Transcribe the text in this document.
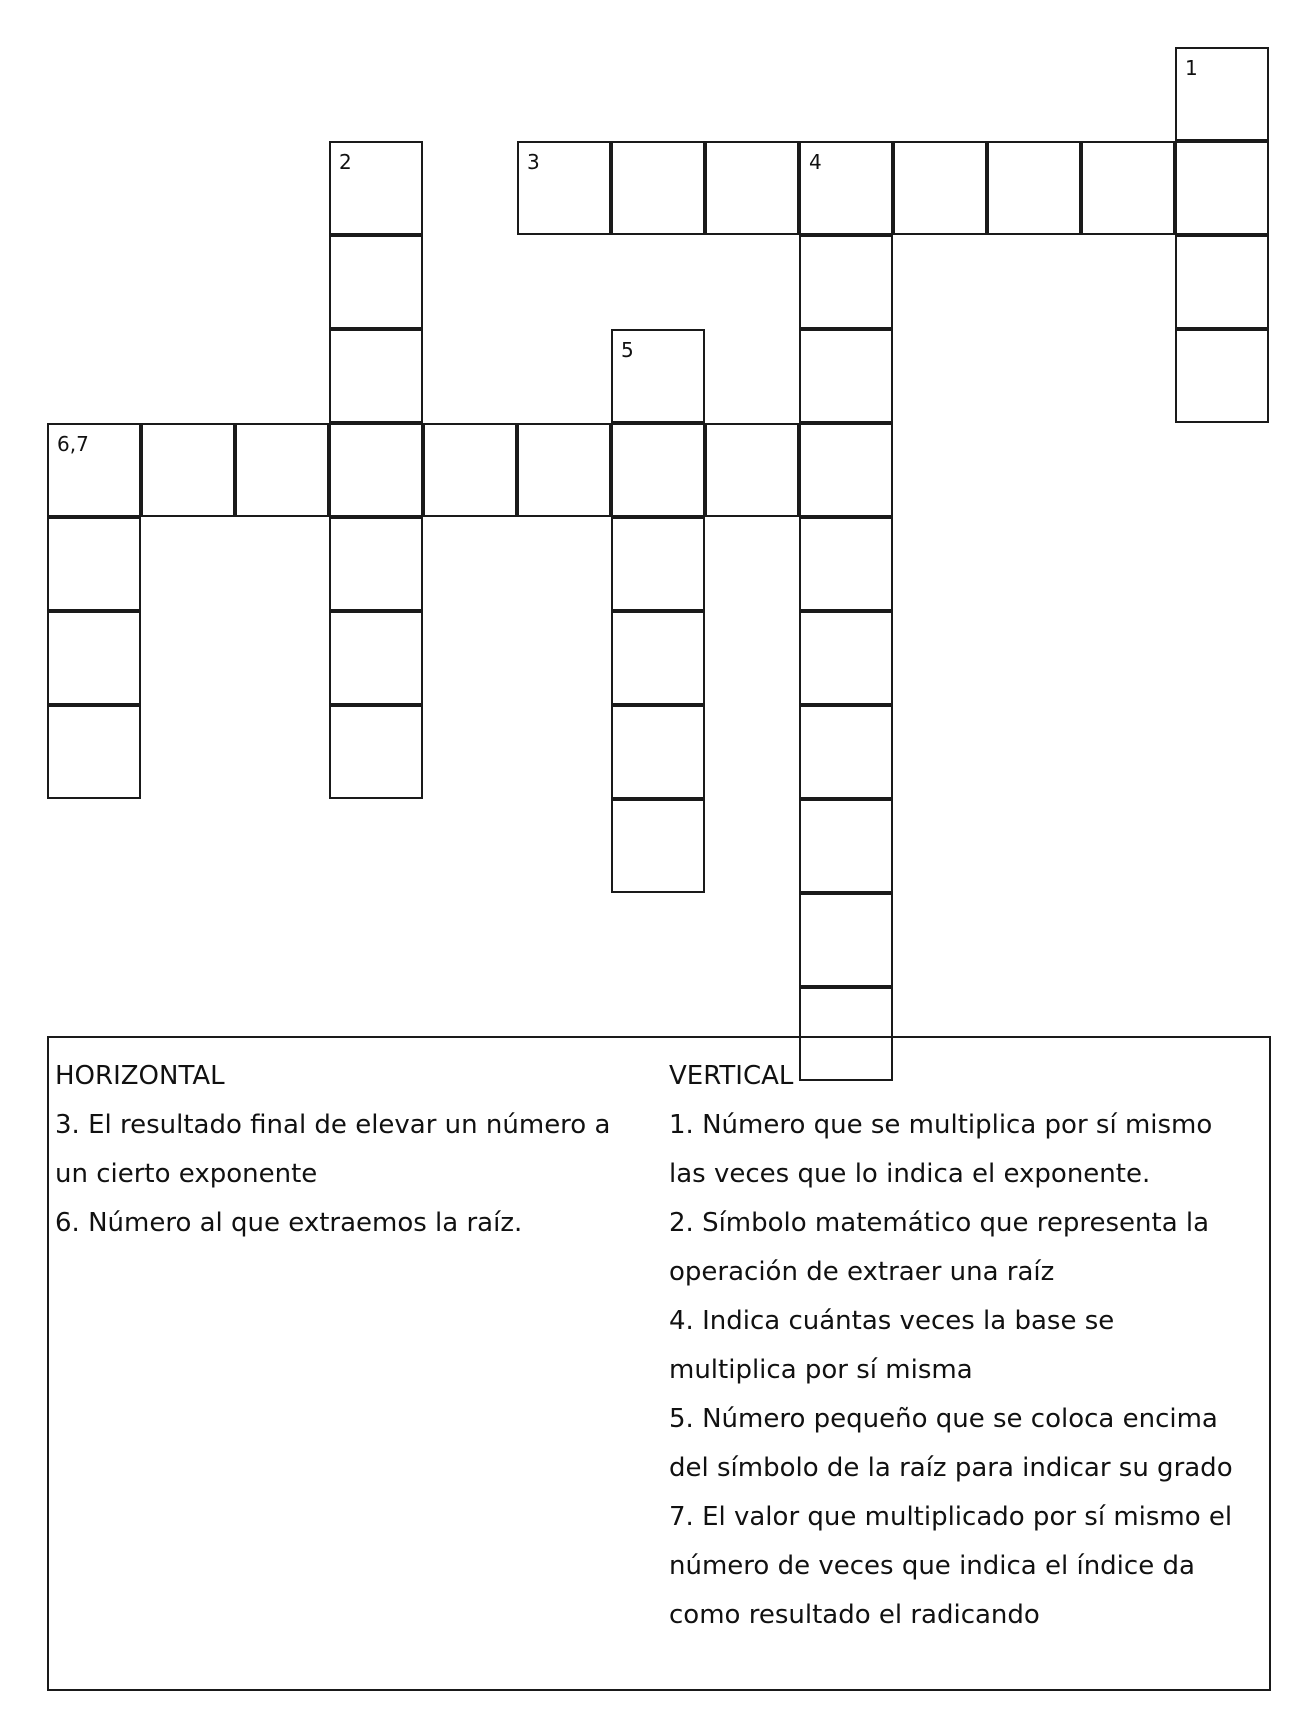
1
2	3	4
5
6,7
HORIZONTAL
3. El resultado final de elevar un número a
un cierto exponente
6. Número al que extraemos la raíz.
VERTICAL
1. Número que se multiplica por sí mismo
las veces que lo indica el exponente.
2. Símbolo matemático que representa la
operación de extraer una raíz
4. Indica cuántas veces la base se
multiplica por sí misma
5. Número pequeño que se coloca encima
del símbolo de la raíz para indicar su grado
7. El valor que multiplicado por sí mismo el
número de veces que indica el índice da
como resultado el radicando
